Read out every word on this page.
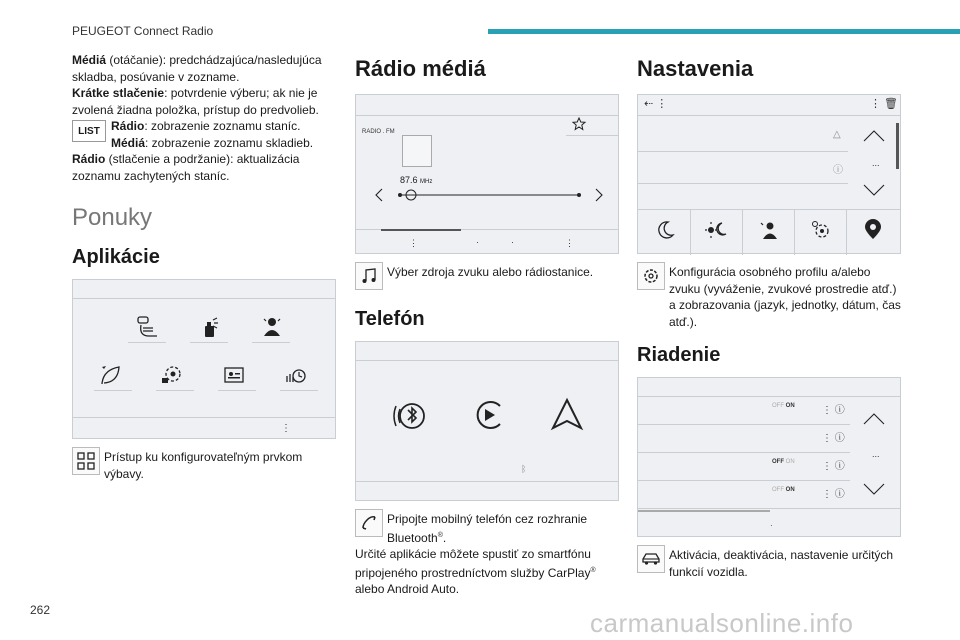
PEUGEOT Connect Radio

Médiá (otáčanie): predchádzajúca/nasledujúca skladba, posúvanie v zozname.

Krátke stlačenie: potvrdenie výberu; ak nie je zvolená žiadna položka, prístup do predvolieb.

LIST Rádio: zobrazenie zoznamu staníc.

Médiá: zobrazenie zoznamu skladieb.

Rádio (stlačenie a podržanie): aktualizácia zoznamu zachytených staníc.

Ponuky
Aplikácie
⋮

Prístup ku konfigurovateľným prvkom výbavy.

Rádio médiá
RADIO . FM
87.6 MHz
⋮	·	·	⋮

Výber zdroja zvuku alebo rádiostanice.

Telefón
ᛒ

Pripojte mobilný telefón cez rozhranie Bluetooth®.

Určité aplikácie môžete spustiť zo smartfónu pripojeného prostredníctvom služby CarPlay® alebo Android Auto.

Nastavenia
⇠ ⋮	⋮ 🗑
△
ⓘ
...

Konfigurácia osobného profilu a/alebo zvuku (vyváženie, zvukové prostredie atď.) a zobrazovania (jazyk, jednotky, dátum, čas atď.).

Riadenie
OFF ON	⋮ ⓘ
⋮ ⓘ
OFF ON	⋮ ⓘ
OFF ON	⋮ ⓘ
...
·

Aktivácia, deaktivácia, nastavenie určitých funkcií vozidla.

262	carmanualsonline.info
